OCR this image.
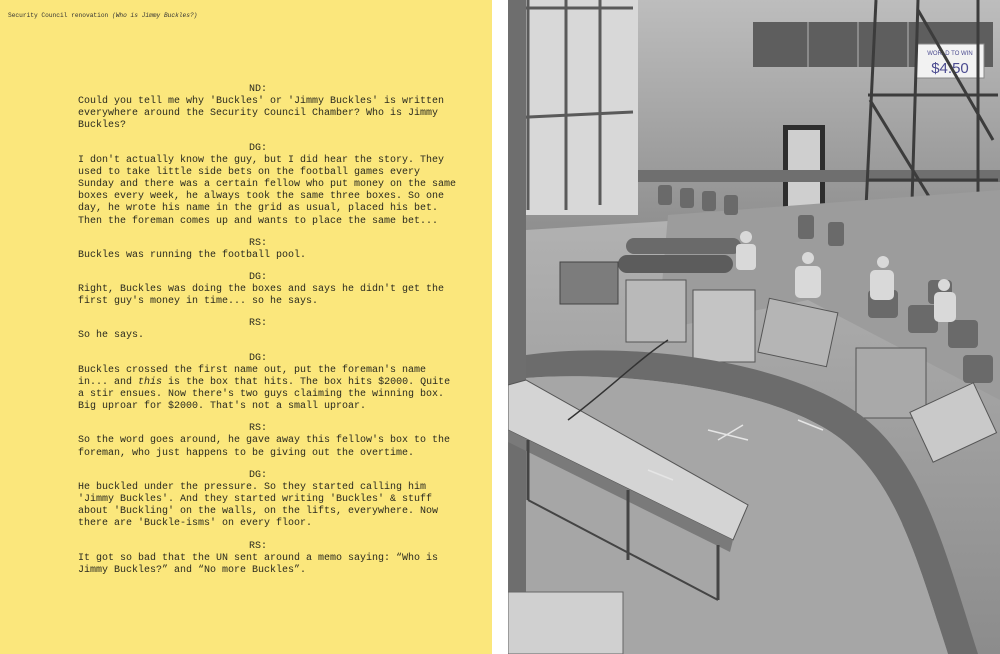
Security Council renovation (Who is Jimmy Buckles?)
ND:

Could you tell me why 'Buckles' or 'Jimmy Buckles' is written everywhere around the Security Council Chamber? Who is Jimmy Buckles?

DG:

I don't actually know the guy, but I did hear the story. They used to take little side bets on the football games every Sunday and there was a certain fellow who put money on the same boxes every week, he always took the same three boxes. So one day, he wrote his name in the grid as usual, placed his bet. Then the foreman comes up and wants to place the same bet...

RS:

Buckles was running the football pool.

DG:

Right, Buckles was doing the boxes and says he didn't get the first guy's money in time... so he says.

RS:

So he says.

DG:

Buckles crossed the first name out, put the foreman's name in... and this is the box that hits. The box hits $2000. Quite a stir ensues. Now there's two guys claiming the winning box. Big uproar for $2000. That's not a small uproar.

RS:

So the word goes around, he gave away this fellow's box to the foreman, who just happens to be giving out the overtime.

DG:

He buckled under the pressure. So they started calling him 'Jimmy Buckles'. And they started writing 'Buckles' & stuff about 'Buckling' on the walls, on the lifts, everywhere. Now there are 'Buckle-isms' on every floor.

RS:

It got so bad that the UN sent around a memo saying: “Who is Jimmy Buckles?” and “No more Buckles”.

WORLD TO WIN
$4.50
